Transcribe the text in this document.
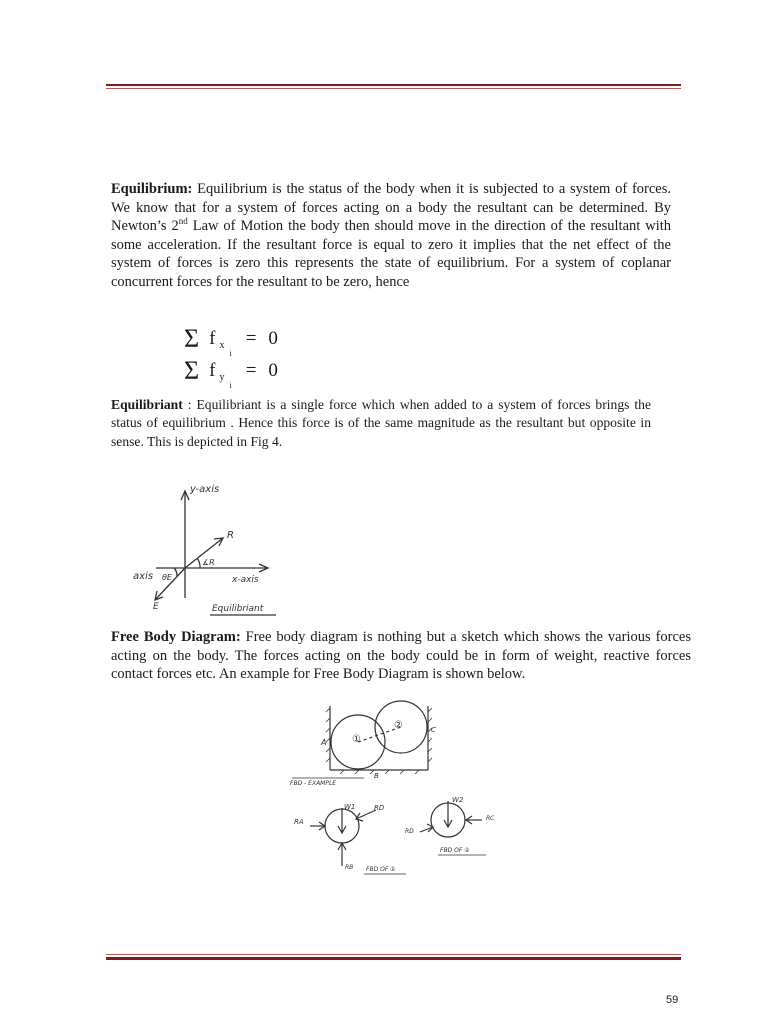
Equilibrium: Equilibrium is the status of the body when it is subjected to a system of forces. We know that for a system of forces acting on a body the resultant can be determined. By Newton’s 2nd Law of Motion the body then should move in the direction of the resultant with some acceleration. If the resultant force is equal to zero it implies that the net effect of the system of forces is zero this represents the state of equilibrium. For a system of coplanar concurrent forces for the resultant to be zero, hence
Σ f $_{xi}$= 0
Σ f $_{yi}$= 0
Equilibriant : Equilibriant is a single force which when added to a system of forces brings the status of equilibrium . Hence this force is of the same magnitude as the resultant but opposite in sense. This is depicted in Fig 4.
y-axis
x-axis
axis
R
∡R
θE
E	Equilibriant
Free Body Diagram: Free body diagram is nothing but a sketch which shows the various forces acting on the body. The forces acting on the body could be in form of weight, reactive forces contact forces etc. An example for Free Body Diagram is shown below.
A
B
C
①
②
FBD - EXAMPLE
W1
RA
RB
RD
W2
RD
RC
FBD OF ②
FBD OF ①
59
